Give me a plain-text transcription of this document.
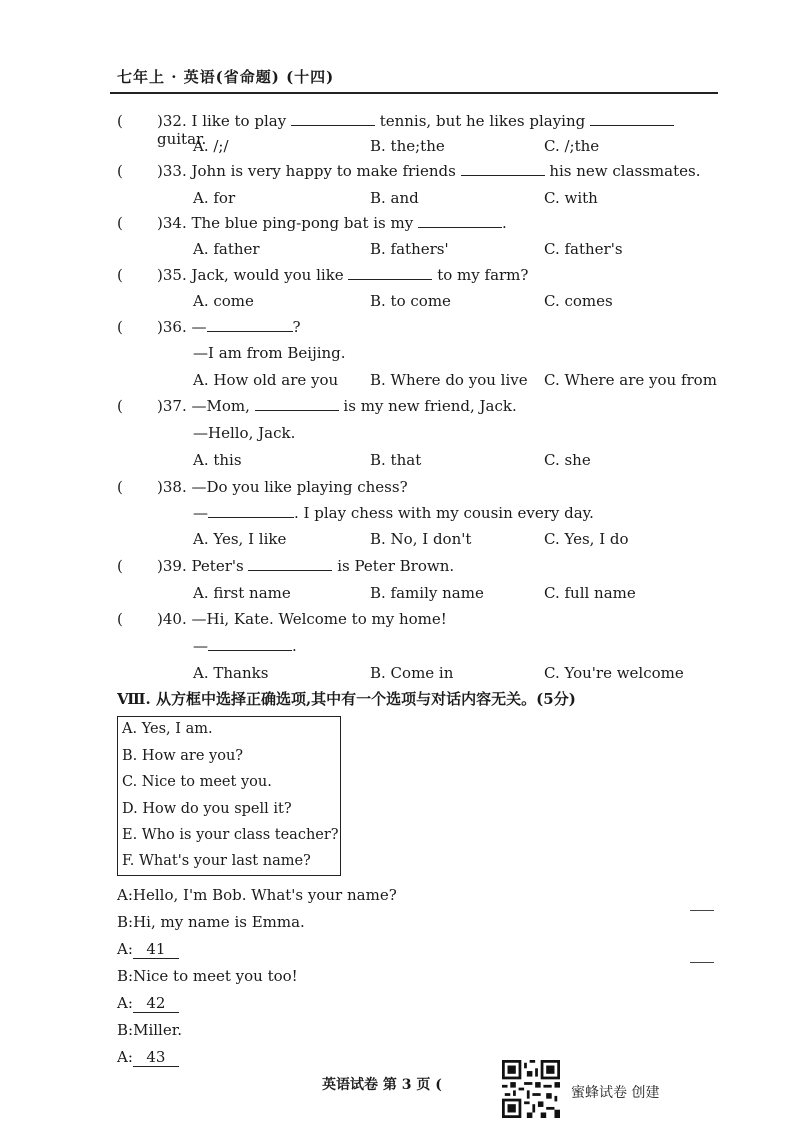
七年上 · 英语(省命题) (十四)
( )32. I like to play	tennis, but he likes playing  guitar.
A. /;/	B. the;the	C. /;the
( )33. John is very happy to make friends	his new classmates.
A. for	B. and	C. with
( )34. The blue ping-pong bat is my	.
A. father	B. fathers'	C. father's
( )35. Jack, would you like	to my farm?
A. come	B. to come	C. comes
( )36. —	?
—I am from Beijing.
A. How old are you B. Where do you live C. Where are you from
( )37. —Mom,	is my new friend, Jack.
—Hello, Jack.
A. this	B. that	C. she
( )38. —Do you like playing chess?
—	. I play chess with my cousin every day.
A. Yes, I like	B. No, I don't	C. Yes, I do
( )39. Peter's	is Peter Brown.
A. first name	B. family name	C. full name
( )40. —Hi, Kate. Welcome to my home!
—	.
A. Thanks	B. Come in	C. You're welcome
Ⅷ. 从方框中选择正确选项,其中有一个选项与对话内容无关。(5分)
A. Yes, I am.
B. How are you?
C. Nice to meet you.
D. How do you spell it?
E. Who is your class teacher?
F. What's your last name?
A:Hello, I'm Bob. What's your name?
B:Hi, my name is Emma.
A: 41
B:Nice to meet you too!
A: 42
B:Miller.
A: 43
英语试卷 第 3 页 (	蜜蜂试卷 创建
